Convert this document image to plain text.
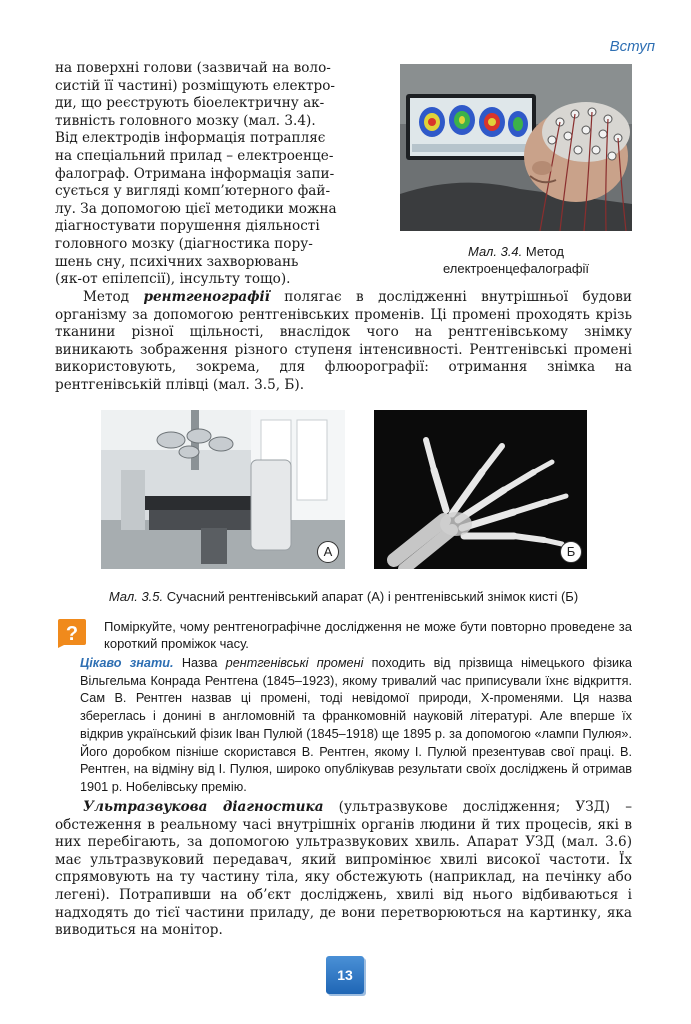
Вступ

на поверхні голови (зазвичай на воло-

систій її частині) розміщують електро-

ди, що реєструють біоелектричну ак-

тивність головного мозку (мал. 3.4).

Від електродів інформація потрапляє

на спеціальний прилад – електроенце-

фалограф. Отримана інформація запи-

сується у вигляді комп’ютерного фай-

лу. За допомогою цієї методики можна

діагностувати порушення діяльності

головного мозку (діагностика пору-

шень сну, психічних захворювань

(як-от епілепсії), інсульту тощо).

Мал. 3.4. Метод електроенцефалографії

Метод рентгенографії полягає в дослідженні внутрішньої будови організму за допомогою рентгенівських променів. Ці промені проходять крізь тканини різної щільності, внаслідок чого на рентгенівському знімку виникають зображення різного ступеня інтенсивності. Рентгенівські промені використовують, зокрема, для флюорографії: отримання знімка на рентгенівській плівці (мал. 3.5, Б).

А	Б
Мал. 3.5. Сучасний рентгенівський апарат (А) і рентгенівський знімок кисті (Б)
? Поміркуйте, чому рентгенографічне дослідження не може бути повторно проведене за короткий проміжок часу.
Цікаво знати. Назва рентгенівські промені походить від прізвища німецького фізика Вільгельма Конрада Рентгена (1845–1923), якому тривалий час приписували їхнє відкриття. Сам В. Рентген назвав ці промені, тоді невідомої природи, Х-променями. Ця назва збереглась і донині в англомовній та франкомовній науковій літературі. Але вперше їх відкрив український фізик Іван Пулюй (1845–1918) ще 1895 р. за допомогою «лампи Пулюя». Його доробком пізніше скористався В. Рентген, якому І. Пулюй презентував свої праці. В. Рентген, на відміну від І. Пулюя, широко опублікував результати своїх досліджень й отримав 1901 р. Нобелівську премію.

Ультразвукова діагностика (ультразвукове дослідження; УЗД) – обстеження в реальному часі внутрішніх органів людини й тих процесів, які в них перебігають, за допомогою ультразвукових хвиль. Апарат УЗД (мал. 3.6) має ультразвуковий передавач, який випромінює хвилі високої частоти. Їх спрямовують на ту частину тіла, яку обстежують (наприклад, на печінку або легені). Потрапивши на об’єкт досліджень, хвилі від нього відбиваються і надходять до тієї частини приладу, де вони перетворюються на картинку, яка виводиться на монітор.

13
